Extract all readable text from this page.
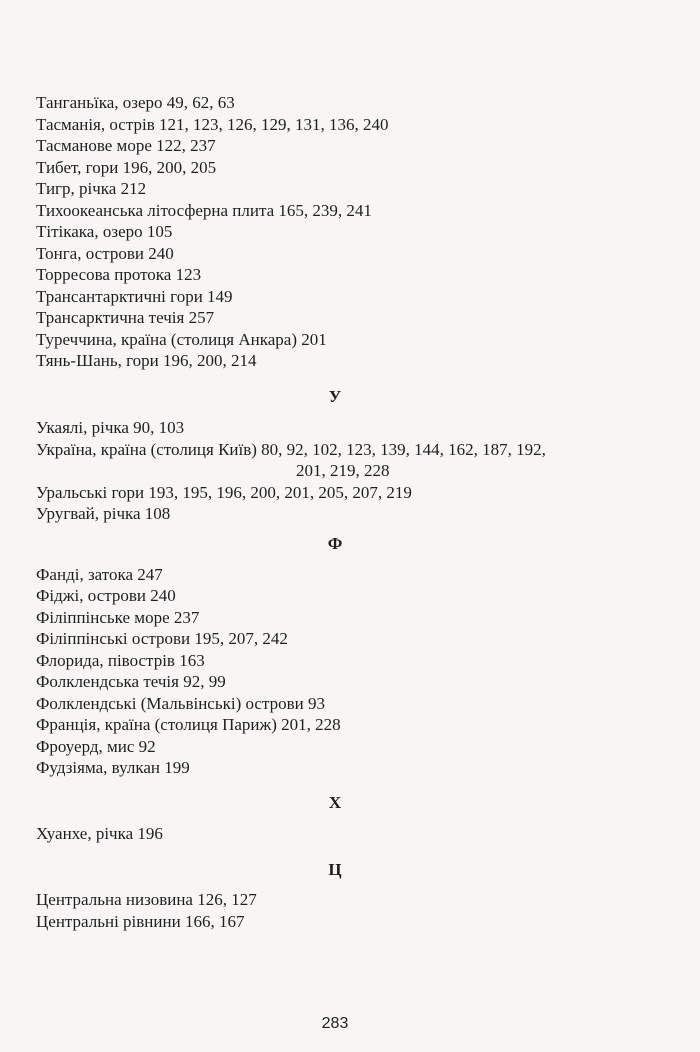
Танганьїка, озеро 49, 62, 63
Тасманія, острів 121, 123, 126, 129, 131, 136, 240
Тасманове море 122, 237
Тибет, гори 196, 200, 205
Тигр, річка 212
Тихоокеанська літосферна плита 165, 239, 241
Тітікака, озеро 105
Тонга, острови 240
Торресова протока 123
Трансантарктичні гори 149
Трансарктична течія 257
Туреччина, країна (столиця Анкара) 201
Тянь-Шань, гори 196, 200, 214
У
Укаялі, річка 90, 103
Україна, країна (столиця Київ) 80, 92, 102, 123, 139, 144, 162, 187, 192,
201, 219, 228
Уральські гори 193, 195, 196, 200, 201, 205, 207, 219
Уругвай, річка 108
Ф
Фанді, затока 247
Фіджі, острови 240
Філіппінське море 237
Філіппінські острови 195, 207, 242
Флорида, півострів 163
Фолклендська течія 92, 99
Фолклендські (Мальвінські) острови 93
Франція, країна (столиця Париж) 201, 228
Фроуерд, мис 92
Фудзіяма, вулкан 199
Х
Хуанхе, річка 196
Ц
Центральна низовина 126, 127
Центральні рівнини 166, 167
283
